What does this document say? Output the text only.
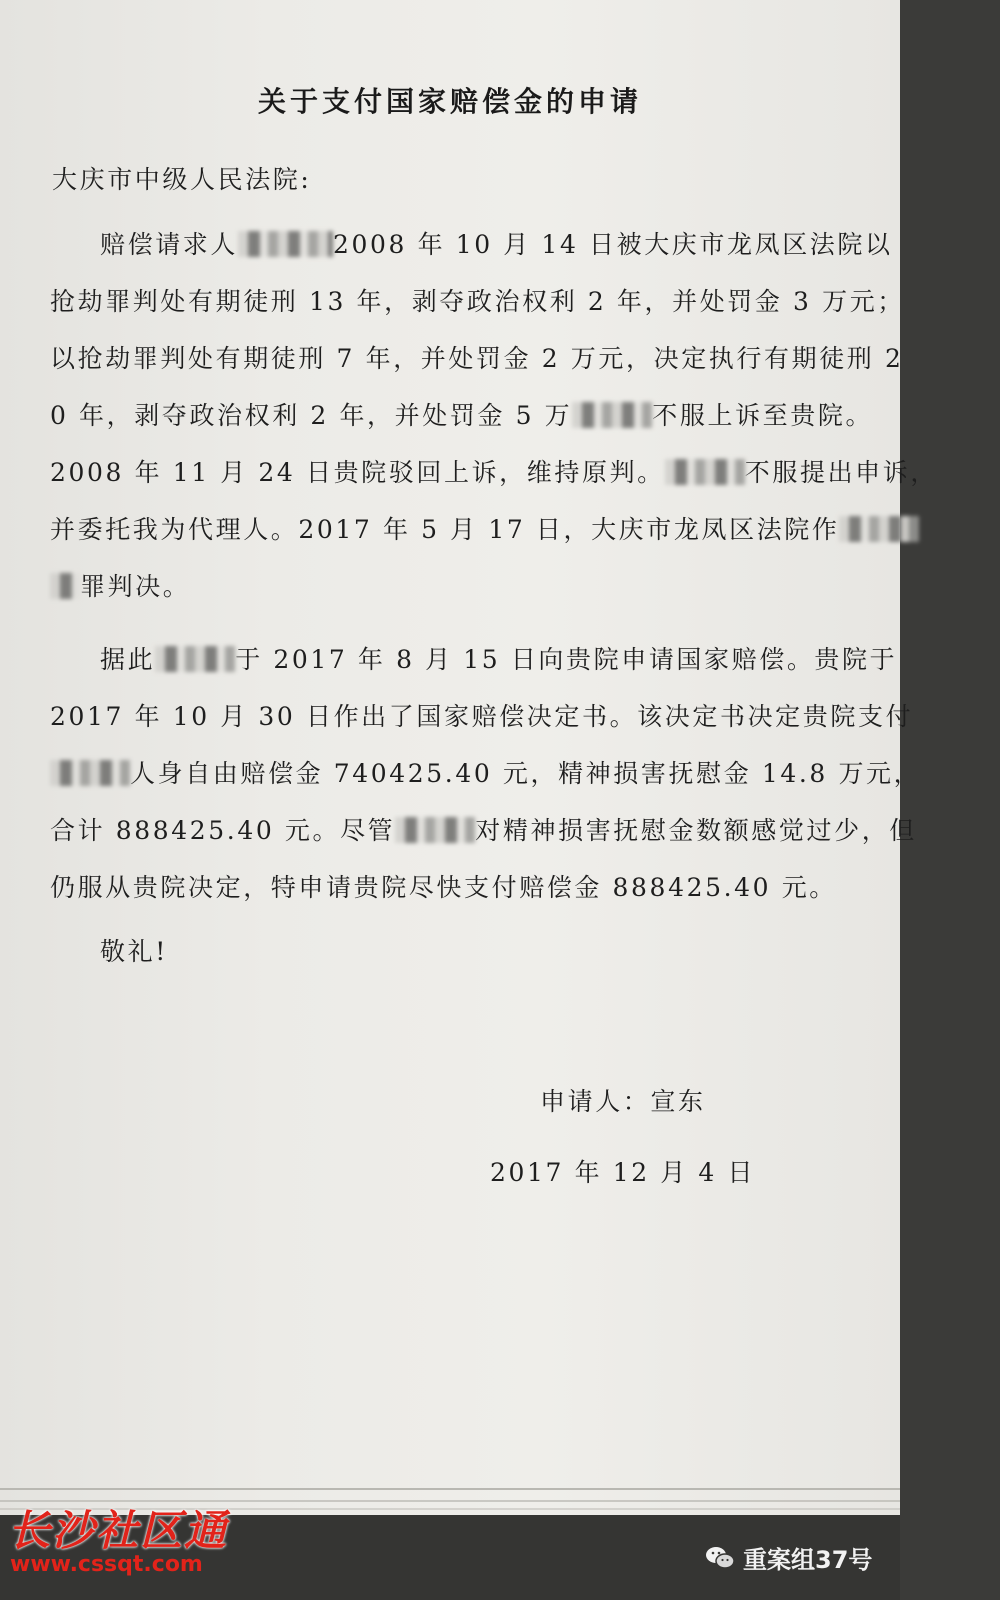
关于支付国家赔偿金的申请
大庆市中级人民法院:
赔偿请求人	2008 年 10 月 14 日被大庆市龙凤区法院以
抢劫罪判处有期徒刑 13 年，剥夺政治权利 2 年，并处罚金 3 万元；
以抢劫罪判处有期徒刑 7 年，并处罚金 2 万元，决定执行有期徒刑 2
0 年，剥夺政治权利 2 年，并处罚金 5 万	不服上诉至贵院。
2008 年 11 月 24 日贵院驳回上诉，维持原判。	不服提出申诉，
并委托我为代理人。2017 年 5 月 17 日，大庆市龙凤区法院作
罪判决。
据此	于 2017 年 8 月 15 日向贵院申请国家赔偿。贵院于
2017 年 10 月 30 日作出了国家赔偿决定书。该决定书决定贵院支付
人身自由赔偿金 740425.40 元，精神损害抚慰金 14.8 万元，
合计 888425.40 元。尽管	对精神损害抚慰金数额感觉过少，但
仍服从贵院决定，特申请贵院尽快支付赔偿金 888425.40 元。
敬礼!
申请人：宣东
2017 年 12 月 4 日
长沙社区通
www.cssqt.com	重案组37号
